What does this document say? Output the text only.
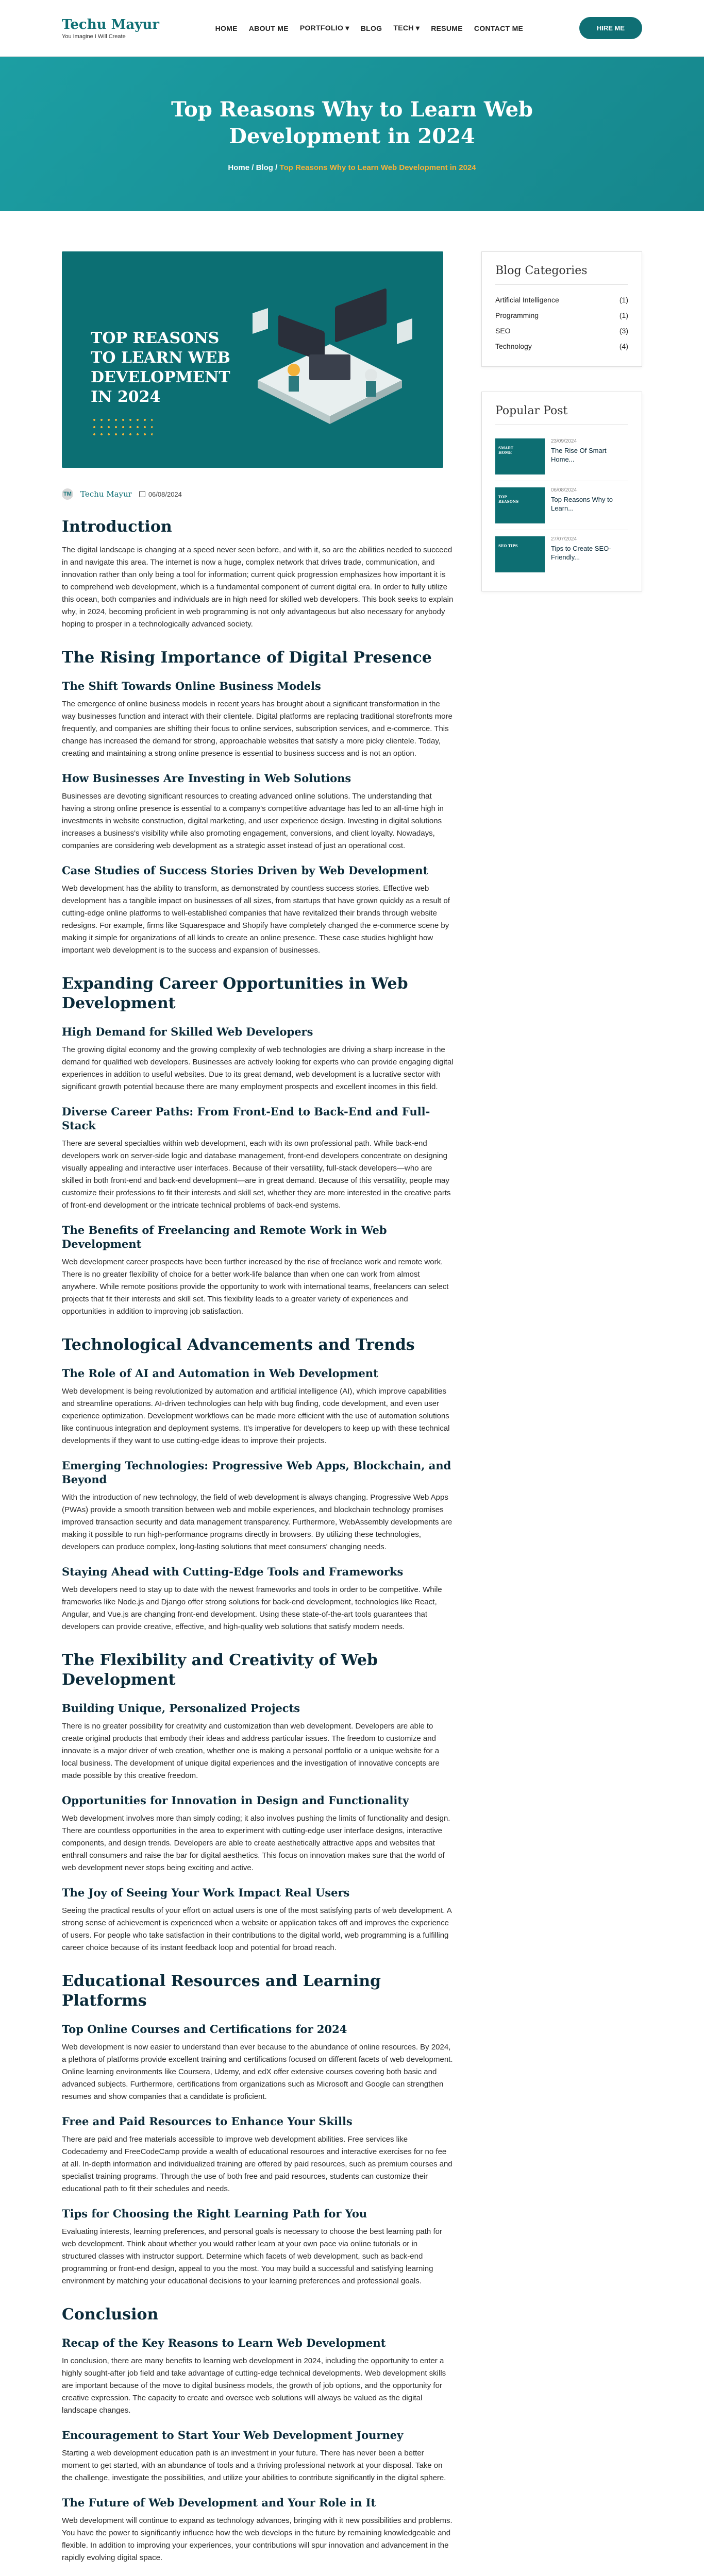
Techu Mayur
You Imagine I Will Create
HOME ABOUT ME PORTFOLIO ▾ BLOG TECH ▾ RESUME CONTACT ME	HIRE ME
Top Reasons Why to Learn Web Development in 2024
Home / Blog / Top Reasons Why to Learn Web Development in 2024
TOP REASONS
TO LEARN WEB
DEVELOPMENT
IN 2024
TM Techu Mayur 06/08/2024
Introduction

The digital landscape is changing at a speed never seen before, and with it, so are the abilities needed to succeed in and navigate this area. The internet is now a huge, complex network that drives trade, communication, and innovation rather than only being a tool for information; current quick progression emphasizes how important it is to comprehend web development, which is a fundamental component of current digital era. In order to fully utilize this ocean, both companies and individuals are in high need for skilled web developers. This book seeks to explain why, in 2024, becoming proficient in web programming is not only advantageous but also necessary for anybody hoping to prosper in a technologically advanced society.

The Rising Importance of Digital Presence
The Shift Towards Online Business Models

The emergence of online business models in recent years has brought about a significant transformation in the way businesses function and interact with their clientele. Digital platforms are replacing traditional storefronts more frequently, and companies are shifting their focus to online services, subscription services, and e-commerce. This change has increased the demand for strong, approachable websites that satisfy a more picky clientele. Today, creating and maintaining a strong online presence is essential to business success and is not an option.

How Businesses Are Investing in Web Solutions

Businesses are devoting significant resources to creating advanced online solutions. The understanding that having a strong online presence is essential to a company's competitive advantage has led to an all-time high in investments in website construction, digital marketing, and user experience design. Investing in digital solutions increases a business's visibility while also promoting engagement, conversions, and client loyalty. Nowadays, companies are considering web development as a strategic asset instead of just an operational cost.

Case Studies of Success Stories Driven by Web Development

Web development has the ability to transform, as demonstrated by countless success stories. Effective web development has a tangible impact on businesses of all sizes, from startups that have grown quickly as a result of cutting-edge online platforms to well-established companies that have revitalized their brands through website redesigns. For example, firms like Squarespace and Shopify have completely changed the e-commerce scene by making it simple for organizations of all kinds to create an online presence. These case studies highlight how important web development is to the success and expansion of businesses.

Expanding Career Opportunities in Web Development
High Demand for Skilled Web Developers

The growing digital economy and the growing complexity of web technologies are driving a sharp increase in the demand for qualified web developers. Businesses are actively looking for experts who can provide engaging digital experiences in addition to useful websites. Due to its great demand, web development is a lucrative sector with significant growth potential because there are many employment prospects and excellent incomes in this field.

Diverse Career Paths: From Front-End to Back-End and Full-Stack

There are several specialties within web development, each with its own professional path. While back-end developers work on server-side logic and database management, front-end developers concentrate on designing visually appealing and interactive user interfaces. Because of their versatility, full-stack developers—who are skilled in both front-end and back-end development—are in great demand. Because of this versatility, people may customize their professions to fit their interests and skill set, whether they are more interested in the creative parts of front-end development or the intricate technical problems of back-end systems.

The Benefits of Freelancing and Remote Work in Web Development

Web development career prospects have been further increased by the rise of freelance work and remote work. There is no greater flexibility of choice for a better work-life balance than when one can work from almost anywhere. While remote positions provide the opportunity to work with international teams, freelancers can select projects that fit their interests and skill set. This flexibility leads to a greater variety of experiences and opportunities in addition to improving job satisfaction.

Technological Advancements and Trends
The Role of AI and Automation in Web Development

Web development is being revolutionized by automation and artificial intelligence (AI), which improve capabilities and streamline operations. AI-driven technologies can help with bug finding, code development, and even user experience optimization. Development workflows can be made more efficient with the use of automation solutions like continuous integration and deployment systems. It's imperative for developers to keep up with these technical developments if they want to use cutting-edge ideas to improve their projects.

Emerging Technologies: Progressive Web Apps, Blockchain, and Beyond

With the introduction of new technology, the field of web development is always changing. Progressive Web Apps (PWAs) provide a smooth transition between web and mobile experiences, and blockchain technology promises improved transaction security and data management transparency. Furthermore, WebAssembly developments are making it possible to run high-performance programs directly in browsers. By utilizing these technologies, developers can produce complex, long-lasting solutions that meet consumers' changing needs.

Staying Ahead with Cutting-Edge Tools and Frameworks

Web developers need to stay up to date with the newest frameworks and tools in order to be competitive. While frameworks like Node.js and Django offer strong solutions for back-end development, technologies like React, Angular, and Vue.js are changing front-end development. Using these state-of-the-art tools guarantees that developers can provide creative, effective, and high-quality web solutions that satisfy modern needs.

The Flexibility and Creativity of Web Development
Building Unique, Personalized Projects

There is no greater possibility for creativity and customization than web development. Developers are able to create original products that embody their ideas and address particular issues. The freedom to customize and innovate is a major driver of web creation, whether one is making a personal portfolio or a unique website for a local business. The development of unique digital experiences and the investigation of innovative concepts are made possible by this creative freedom.

Opportunities for Innovation in Design and Functionality

Web development involves more than simply coding; it also involves pushing the limits of functionality and design. There are countless opportunities in the area to experiment with cutting-edge user interface designs, interactive components, and design trends. Developers are able to create aesthetically attractive apps and websites that enthrall consumers and raise the bar for digital aesthetics. This focus on innovation makes sure that the world of web development never stops being exciting and active.

The Joy of Seeing Your Work Impact Real Users

Seeing the practical results of your effort on actual users is one of the most satisfying parts of web development. A strong sense of achievement is experienced when a website or application takes off and improves the experience of users. For people who take satisfaction in their contributions to the digital world, web programming is a fulfilling career choice because of its instant feedback loop and potential for broad reach.

Educational Resources and Learning Platforms
Top Online Courses and Certifications for 2024

Web development is now easier to understand than ever because to the abundance of online resources. By 2024, a plethora of platforms provide excellent training and certifications focused on different facets of web development. Online learning environments like Coursera, Udemy, and edX offer extensive courses covering both basic and advanced subjects. Furthermore, certifications from organizations such as Microsoft and Google can strengthen resumes and show companies that a candidate is proficient.

Free and Paid Resources to Enhance Your Skills

There are paid and free materials accessible to improve web development abilities. Free services like Codecademy and FreeCodeCamp provide a wealth of educational resources and interactive exercises for no fee at all. In-depth information and individualized training are offered by paid resources, such as premium courses and specialist training programs. Through the use of both free and paid resources, students can customize their educational path to fit their schedules and needs.

Tips for Choosing the Right Learning Path for You

Evaluating interests, learning preferences, and personal goals is necessary to choose the best learning path for web development. Think about whether you would rather learn at your own pace via online tutorials or in structured classes with instructor support. Determine which facets of web development, such as back-end programming or front-end design, appeal to you the most. You may build a successful and satisfying learning environment by matching your educational decisions to your learning preferences and professional goals.

Conclusion
Recap of the Key Reasons to Learn Web Development

In conclusion, there are many benefits to learning web development in 2024, including the opportunity to enter a highly sought-after job field and take advantage of cutting-edge technical developments. Web development skills are important because of the move to digital business models, the growth of job options, and the opportunity for creative expression. The capacity to create and oversee web solutions will always be valued as the digital landscape changes.

Encouragement to Start Your Web Development Journey

Starting a web development education path is an investment in your future. There has never been a better moment to get started, with an abundance of tools and a thriving professional network at your disposal. Take on the challenge, investigate the possibilities, and utilize your abilities to contribute significantly in the digital sphere.

The Future of Web Development and Your Role in It

Web development will continue to expand as technology advances, bringing with it new possibilities and problems. You have the power to significantly influence how the web develops in the future by remaining knowledgeable and flexible. In addition to improving your experiences, your contributions will spur innovation and advancement in the rapidly evolving digital space.

Blog Categories
Artificial Intelligence	(1)
Programming	(1)
SEO	(3)
Technology	(4)
Popular Post
SMART HOME
23/09/2024
The Rise Of Smart Home...
TOP REASONS
06/08/2024
Top Reasons Why to Learn...
SEO TIPS
27/07/2024
Tips to Create SEO-Friendly...
